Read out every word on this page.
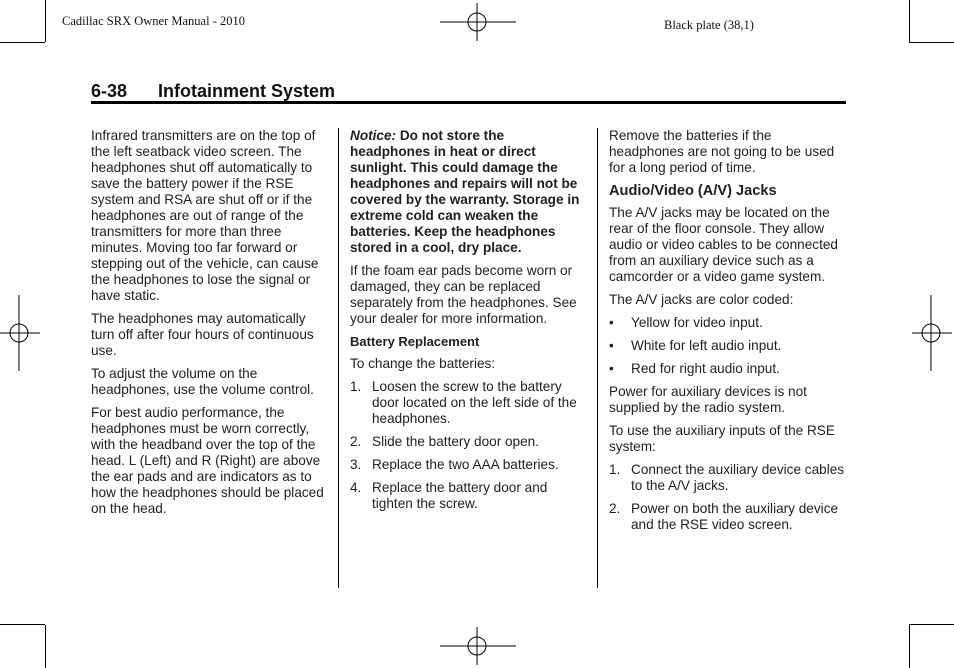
Cadillac SRX Owner Manual - 2010	Black plate (38,1)
6-38 Infotainment System

Infrared transmitters are on the top of the left seatback video screen. The headphones shut off automatically to save the battery power if the RSE system and RSA are shut off or if the headphones are out of range of the transmitters for more than three minutes. Moving too far forward or stepping out of the vehicle, can cause the headphones to lose the signal or have static.

The headphones may automatically turn off after four hours of continuous use.

To adjust the volume on the headphones, use the volume control.

For best audio performance, the headphones must be worn correctly, with the headband over the top of the head. L (Left) and R (Right) are above the ear pads and are indicators as to how the headphones should be placed on the head.

Notice: Do not store the headphones in heat or direct sunlight. This could damage the headphones and repairs will not be covered by the warranty. Storage in extreme cold can weaken the batteries. Keep the headphones stored in a cool, dry place.

If the foam ear pads become worn or damaged, they can be replaced separately from the headphones. See your dealer for more information.

Battery Replacement

To change the batteries:

1. Loosen the screw to the battery door located on the left side of the headphones.
2. Slide the battery door open.
3. Replace the two AAA batteries.
4. Replace the battery door and tighten the screw.

Remove the batteries if the headphones are not going to be used for a long period of time.

Audio/Video (A/V) Jacks

The A/V jacks may be located on the rear of the floor console. They allow audio or video cables to be connected from an auxiliary device such as a camcorder or a video game system.

The A/V jacks are color coded:

• Yellow for video input.
• White for left audio input.
• Red for right audio input.

Power for auxiliary devices is not supplied by the radio system.

To use the auxiliary inputs of the RSE system:

1. Connect the auxiliary device cables to the A/V jacks.
2. Power on both the auxiliary device and the RSE video screen.
